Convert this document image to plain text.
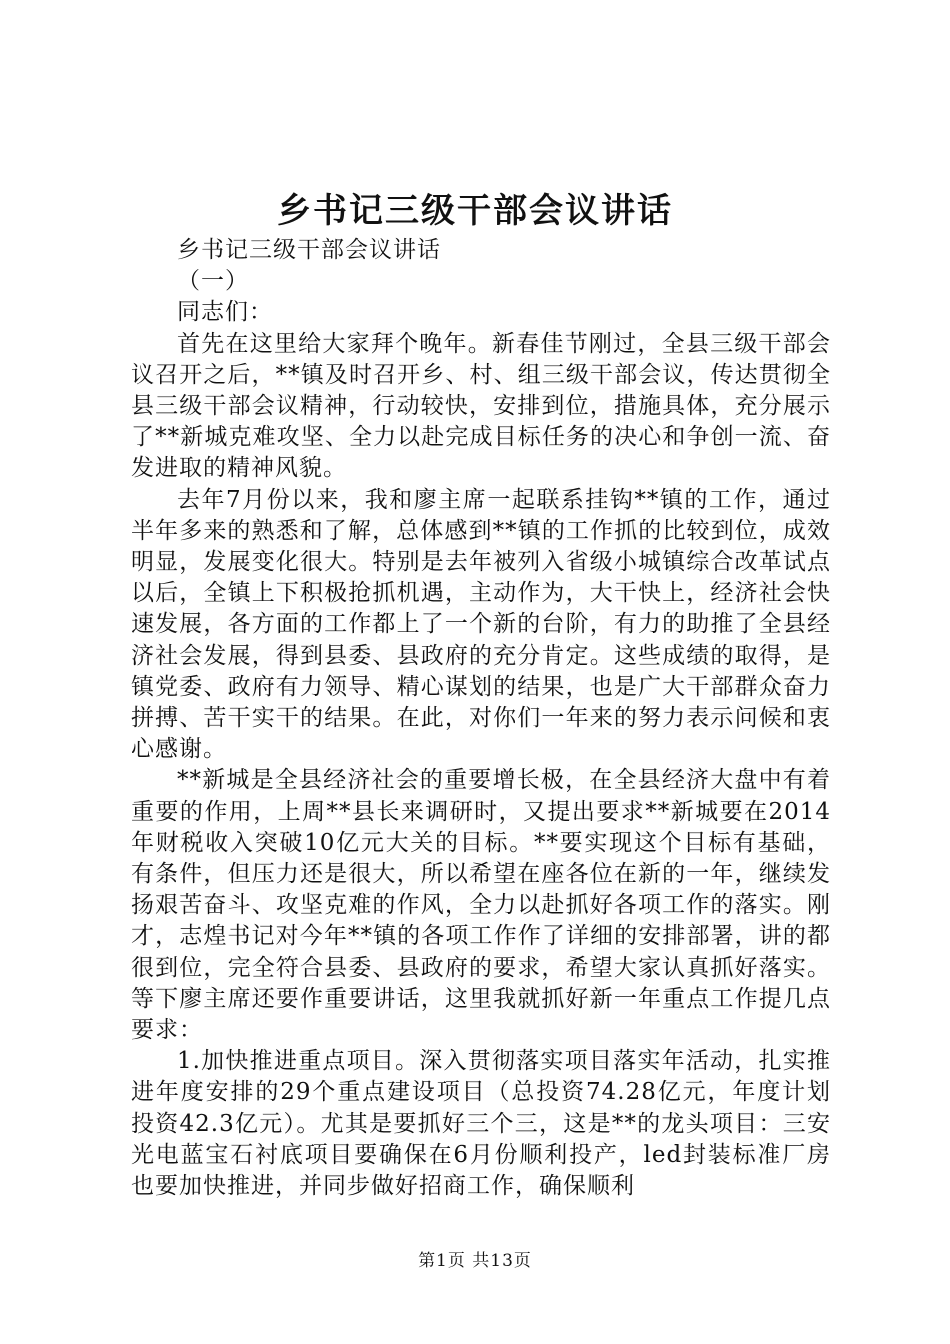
乡书记三级干部会议讲话

乡书记三级干部会议讲话

（一）

同志们：

首先在这里给大家拜个晚年。新春佳节刚过，全县三级干部会议召开之后，**镇及时召开乡、村、组三级干部会议，传达贯彻全县三级干部会议精神，行动较快，安排到位，措施具体，充分展示了**新城克难攻坚、全力以赴完成目标任务的决心和争创一流、奋发进取的精神风貌。

去年7月份以来，我和廖主席一起联系挂钩**镇的工作，通过半年多来的熟悉和了解，总体感到**镇的工作抓的比较到位，成效明显，发展变化很大。特别是去年被列入省级小城镇综合改革试点以后，全镇上下积极抢抓机遇，主动作为，大干快上，经济社会快速发展，各方面的工作都上了一个新的台阶，有力的助推了全县经济社会发展，得到县委、县政府的充分肯定。这些成绩的取得，是镇党委、政府有力领导、精心谋划的结果，也是广大干部群众奋力拼搏、苦干实干的结果。在此，对你们一年来的努力表示问候和衷心感谢。

**新城是全县经济社会的重要增长极，在全县经济大盘中有着重要的作用，上周**县长来调研时，又提出要求**新城要在2014年财税收入突破10亿元大关的目标。**要实现这个目标有基础，有条件，但压力还是很大，所以希望在座各位在新的一年，继续发扬艰苦奋斗、攻坚克难的作风，全力以赴抓好各项工作的落实。刚才，志煌书记对今年**镇的各项工作作了详细的安排部署，讲的都很到位，完全符合县委、县政府的要求，希望大家认真抓好落实。等下廖主席还要作重要讲话，这里我就抓好新一年重点工作提几点要求：

1.加快推进重点项目。深入贯彻落实项目落实年活动，扎实推进年度安排的29个重点建设项目（总投资74.28亿元，年度计划投资42.3亿元）。尤其是要抓好三个三，这是**的龙头项目：三安光电蓝宝石衬底项目要确保在6月份顺利投产，led封装标准厂房也要加快推进，并同步做好招商工作，确保顺利

第1页 共13页
